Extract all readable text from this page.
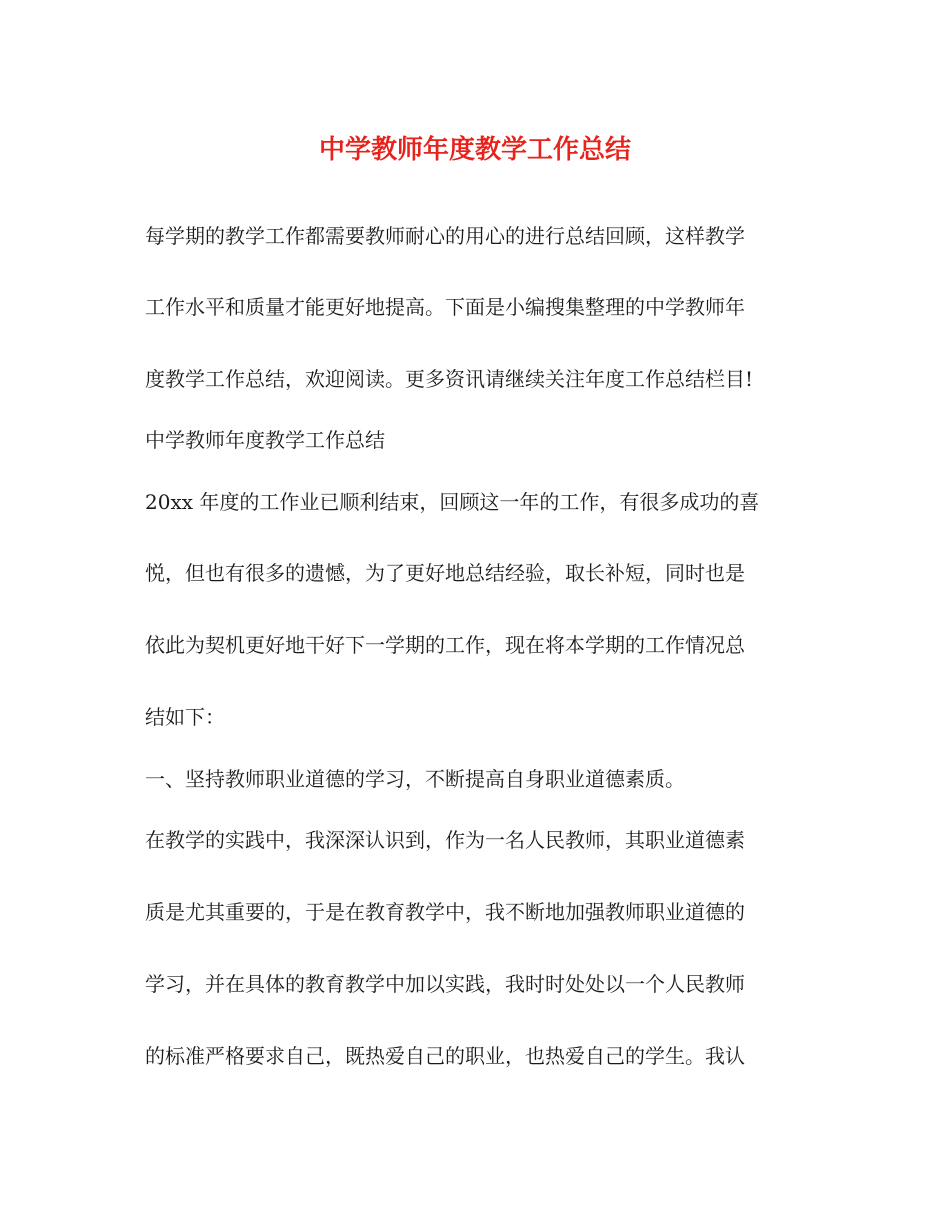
中学教师年度教学工作总结

每学期的教学工作都需要教师耐心的用心的进行总结回顾，这样教学

工作水平和质量才能更好地提高。下面是小编搜集整理的中学教师年

度教学工作总结，欢迎阅读。更多资讯请继续关注年度工作总结栏目!

中学教师年度教学工作总结

20xx 年度的工作业已顺利结束，回顾这一年的工作，有很多成功的喜

悦，但也有很多的遗憾，为了更好地总结经验，取长补短，同时也是

依此为契机更好地干好下一学期的工作，现在将本学期的工作情况总

结如下：

一、坚持教师职业道德的学习，不断提高自身职业道德素质。

在教学的实践中，我深深认识到，作为一名人民教师，其职业道德素

质是尤其重要的，于是在教育教学中，我不断地加强教师职业道德的

学习，并在具体的教育教学中加以实践，我时时处处以一个人民教师

的标准严格要求自己，既热爱自己的职业，也热爱自己的学生。我认
